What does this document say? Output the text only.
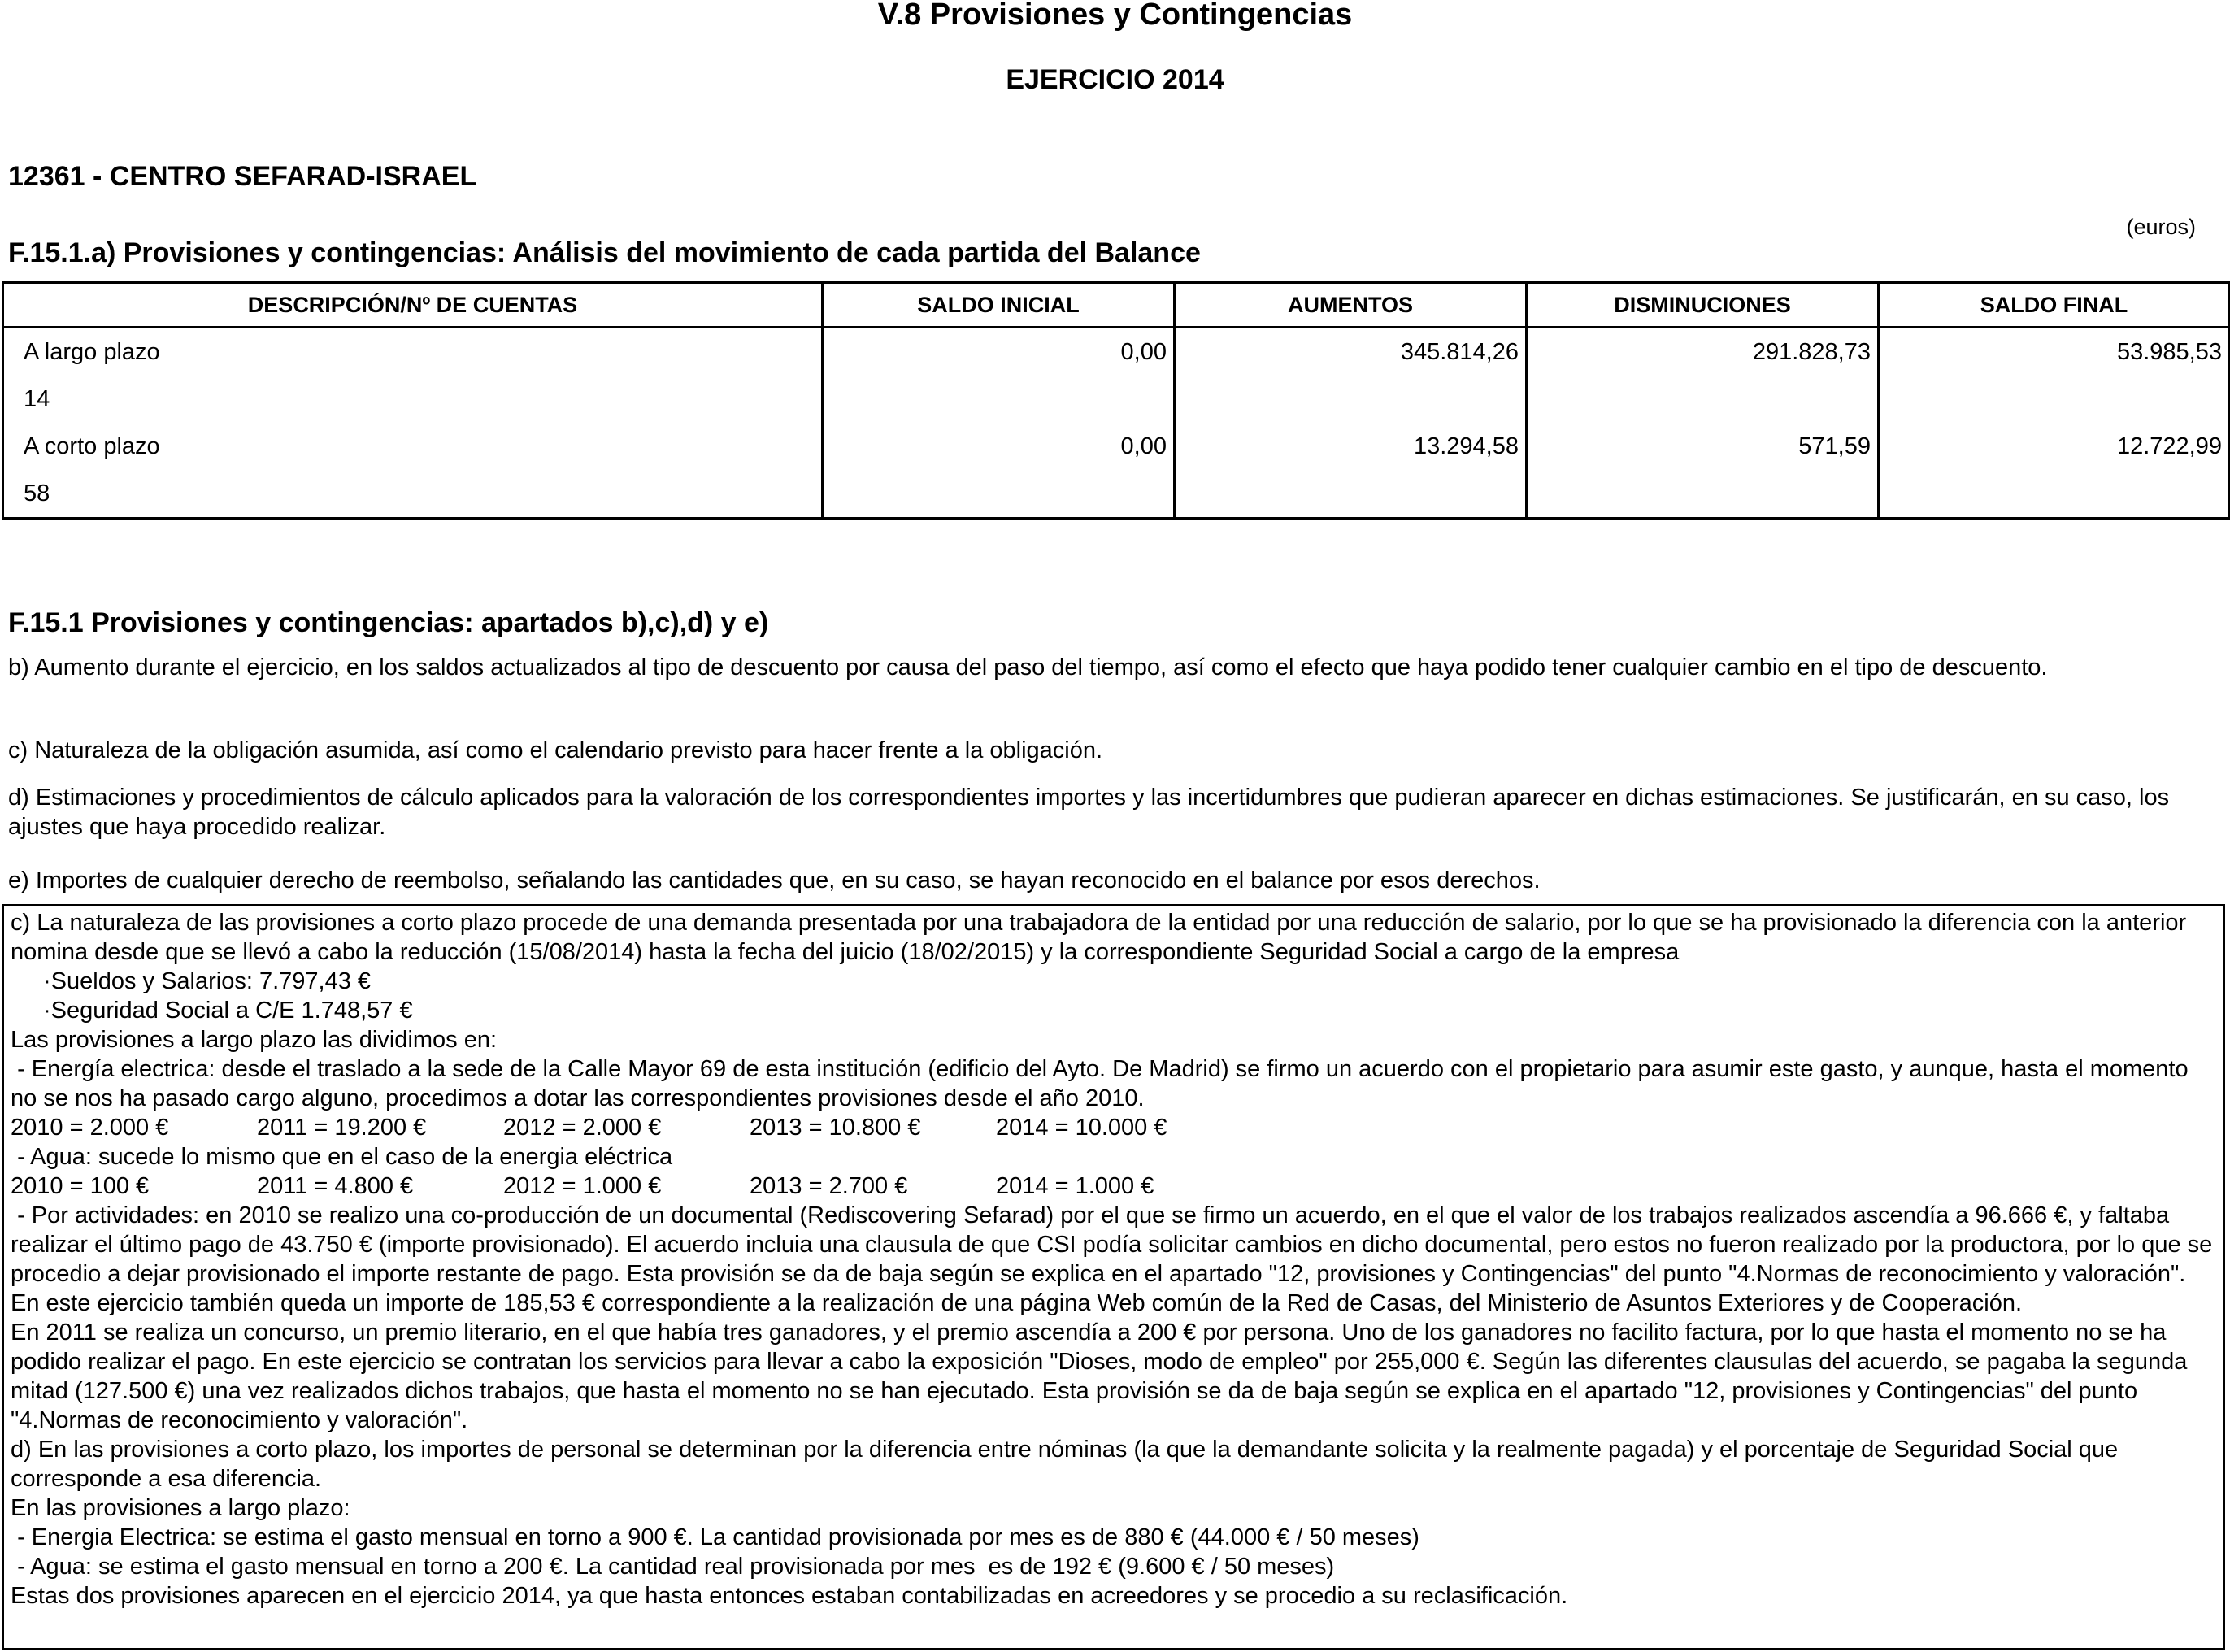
V.8 Provisiones y Contingencias
EJERCICIO 2014
12361 - CENTRO SEFARAD-ISRAEL
(euros)
F.15.1.a) Provisiones y contingencias: Análisis del movimiento de cada partida del Balance
DESCRIPCIÓN/Nº DE CUENTAS	SALDO INICIAL	AUMENTOS	DISMINUCIONES	SALDO FINAL
A largo plazo	0,00	345.814,26	291.828,73	53.985,53
14				
A corto plazo	0,00	13.294,58	571,59	12.722,99
58				
F.15.1 Provisiones y contingencias: apartados b),c),d) y e)
b) Aumento durante el ejercicio, en los saldos actualizados al tipo de descuento por causa del paso del tiempo, así como el efecto que haya podido tener cualquier cambio en el tipo de descuento.
c) Naturaleza de la obligación asumida, así como el calendario previsto para hacer frente a la obligación.
d) Estimaciones y procedimientos de cálculo aplicados para la valoración de los correspondientes importes y las incertidumbres que pudieran aparecer en dichas estimaciones. Se justificarán, en su caso, los ajustes que haya procedido realizar.
e) Importes de cualquier derecho de reembolso, señalando las cantidades que, en su caso, se hayan reconocido en el balance por esos derechos.
c) La naturaleza de las provisiones a corto plazo procede de una demanda presentada por una trabajadora de la entidad por una reducción de salario, por lo que se ha provisionado la diferencia con la anterior nomina desde que se llevó a cabo la reducción (15/08/2014) hasta la fecha del juicio (18/02/2015) y la correspondiente Seguridad Social a cargo de la empresa
·Sueldos y Salarios: 7.797,43 €
·Seguridad Social a C/E 1.748,57 €
Las provisiones a largo plazo las dividimos en:
- Energía electrica: desde el traslado a la sede de la Calle Mayor 69 de esta institución (edificio del Ayto. De Madrid) se firmo un acuerdo con el propietario para asumir este gasto, y aunque, hasta el momento no se nos ha pasado cargo alguno, procedimos a dotar las correspondientes provisiones desde el año 2010.
2010 = 2.000 €	2011 = 19.200 €	2012 = 2.000 €	2013 = 10.800 €	2014 = 10.000 €
- Agua: sucede lo mismo que en el caso de la energia eléctrica
2010 = 100 €	2011 = 4.800 €	2012 = 1.000 €	2013 = 2.700 €	2014 = 1.000 €
- Por actividades: en 2010 se realizo una co-producción de un documental (Rediscovering Sefarad) por el que se firmo un acuerdo, en el que el valor de los trabajos realizados ascendía a 96.666 €, y faltaba realizar el último pago de 43.750 € (importe provisionado). El acuerdo incluia una clausula de que CSI podía solicitar cambios en dicho documental, pero estos no fueron realizado por la productora, por lo que se procedio a dejar provisionado el importe restante de pago. Esta provisión se da de baja según se explica en el apartado "12, provisiones y Contingencias" del punto "4.Normas de reconocimiento y valoración". En este ejercicio también queda un importe de 185,53 € correspondiente a la realización de una página Web común de la Red de Casas, del Ministerio de Asuntos Exteriores y de Cooperación.
En 2011 se realiza un concurso, un premio literario, en el que había tres ganadores, y el premio ascendía a 200 € por persona. Uno de los ganadores no facilito factura, por lo que hasta el momento no se ha podido realizar el pago. En este ejercicio se contratan los servicios para llevar a cabo la exposición "Dioses, modo de empleo" por 255,000 €. Según las diferentes clausulas del acuerdo, se pagaba la segunda mitad (127.500 €) una vez realizados dichos trabajos, que hasta el momento no se han ejecutado. Esta provisión se da de baja según se explica en el apartado "12, provisiones y Contingencias" del punto "4.Normas de reconocimiento y valoración".
d) En las provisiones a corto plazo, los importes de personal se determinan por la diferencia entre nóminas (la que la demandante solicita y la realmente pagada) y el porcentaje de Seguridad Social que corresponde a esa diferencia.
En las provisiones a largo plazo:
- Energia Electrica: se estima el gasto mensual en torno a 900 €. La cantidad provisionada por mes es de 880 € (44.000 € / 50 meses)
- Agua: se estima el gasto mensual en torno a 200 €. La cantidad real provisionada por mes  es de 192 € (9.600 € / 50 meses)
Estas dos provisiones aparecen en el ejercicio 2014, ya que hasta entonces estaban contabilizadas en acreedores y se procedio a su reclasificación.
